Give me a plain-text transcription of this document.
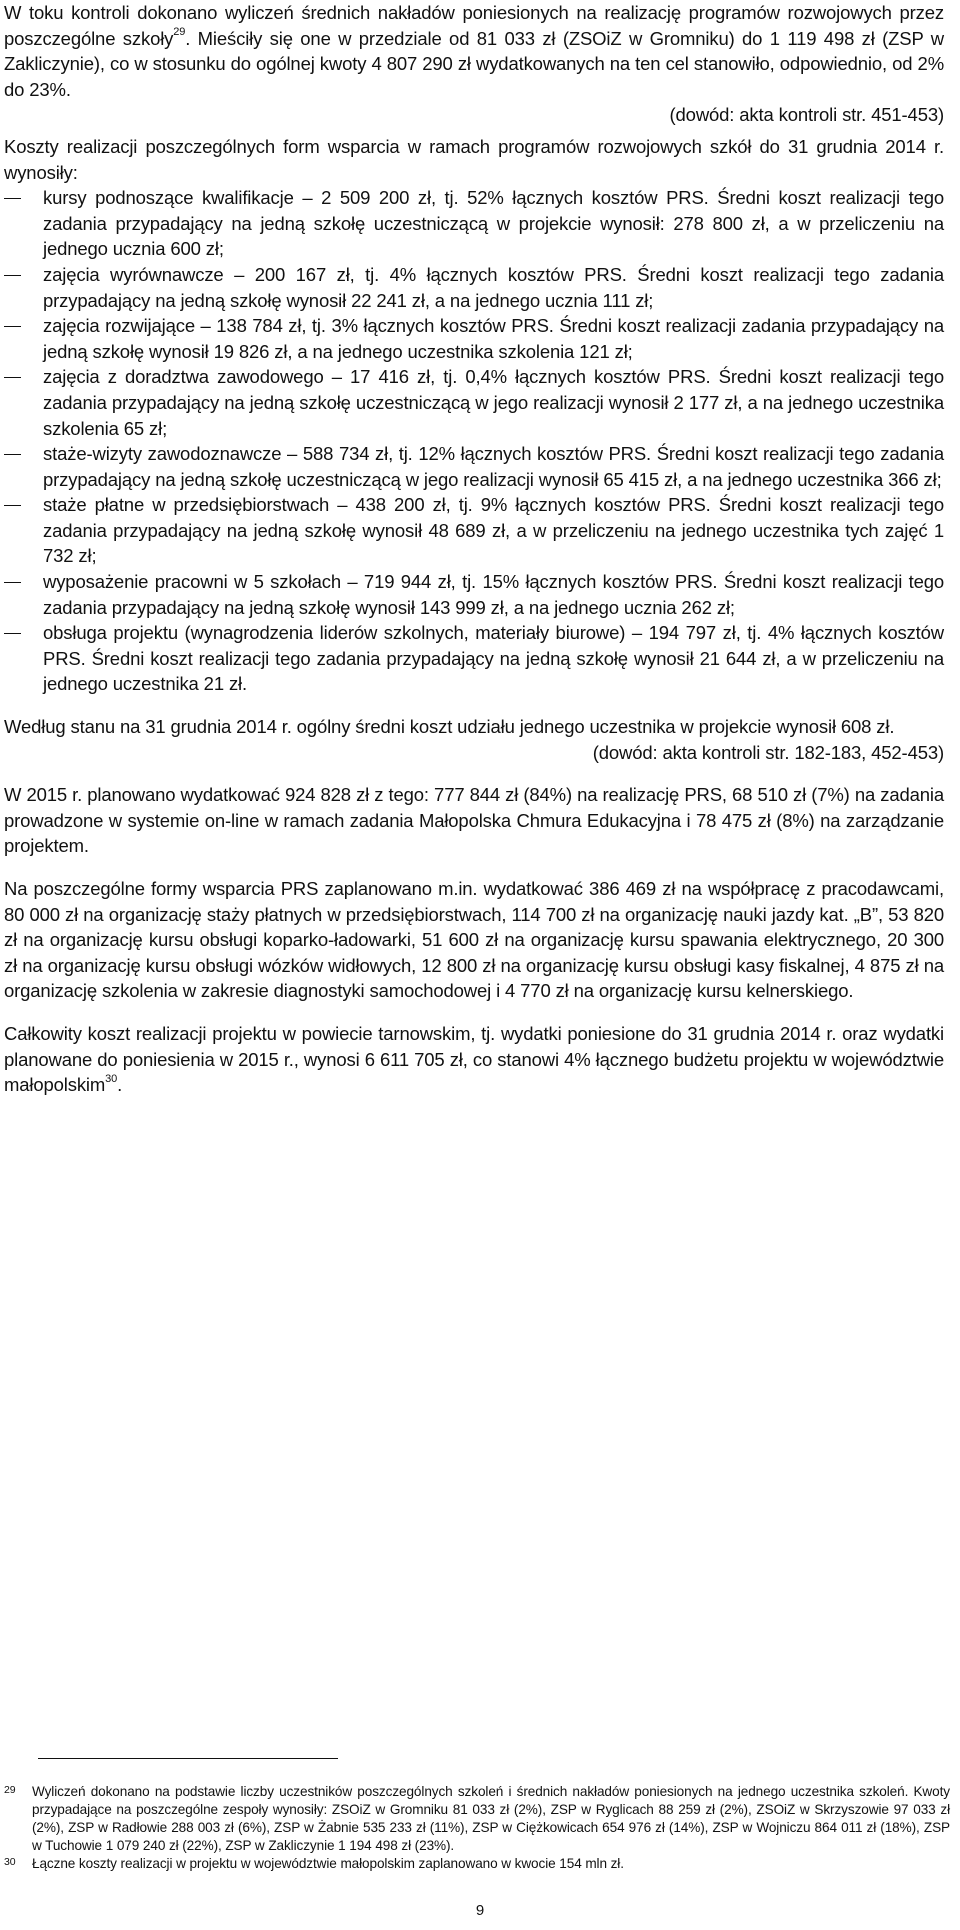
W toku kontroli dokonano wyliczeń średnich nakładów poniesionych na realizację programów rozwojowych przez poszczególne szkoły$^{29}$. Mieściły się one w przedziale od 81 033 zł (ZSOiZ w Gromniku) do 1 119 498 zł (ZSP w Zakliczynie), co w stosunku do ogólnej kwoty 4 807 290 zł wydatkowanych na ten cel stanowiło, odpowiednio, od 2% do 23%.

(dowód: akta kontroli str. 451-453)

Koszty realizacji poszczególnych form wsparcia w ramach programów rozwojowych szkół do 31 grudnia 2014 r. wynosiły:

kursy podnoszące kwalifikacje – 2 509 200 zł, tj. 52% łącznych kosztów PRS. Średni koszt realizacji tego zadania przypadający na jedną szkołę uczestniczącą w projekcie wynosił: 278 800 zł, a w przeliczeniu na jednego ucznia 600 zł;
zajęcia wyrównawcze – 200 167 zł, tj. 4% łącznych kosztów PRS. Średni koszt realizacji tego zadania przypadający na jedną szkołę wynosił 22 241 zł, a na jednego ucznia 111 zł;
zajęcia rozwijające – 138 784 zł, tj. 3% łącznych kosztów PRS. Średni koszt realizacji zadania przypadający na jedną szkołę wynosił 19 826 zł, a na jednego uczestnika szkolenia 121 zł;
zajęcia z doradztwa zawodowego – 17 416 zł, tj. 0,4% łącznych kosztów PRS. Średni koszt realizacji tego zadania przypadający na jedną szkołę uczestniczącą w jego realizacji wynosił 2 177 zł, a na jednego uczestnika szkolenia 65 zł;
staże-wizyty zawodoznawcze – 588 734 zł, tj. 12% łącznych kosztów PRS. Średni koszt realizacji tego zadania przypadający na jedną szkołę uczestniczącą w jego realizacji wynosił 65 415 zł, a na jednego uczestnika 366 zł;
staże płatne w przedsiębiorstwach – 438 200 zł, tj. 9% łącznych kosztów PRS. Średni koszt realizacji tego zadania przypadający na jedną szkołę wynosił 48 689 zł, a w przeliczeniu na jednego uczestnika tych zajęć 1 732 zł;
wyposażenie pracowni w 5 szkołach – 719 944 zł, tj. 15% łącznych kosztów PRS. Średni koszt realizacji tego zadania przypadający na jedną szkołę wynosił 143 999 zł, a na jednego ucznia 262 zł;
obsługa projektu (wynagrodzenia liderów szkolnych, materiały biurowe) – 194 797 zł, tj. 4% łącznych kosztów PRS. Średni koszt realizacji tego zadania przypadający na jedną szkołę wynosił 21 644 zł, a w przeliczeniu na jednego uczestnika 21 zł.

Według stanu na 31 grudnia 2014 r. ogólny średni koszt udziału jednego uczestnika w projekcie wynosił 608 zł.

(dowód: akta kontroli str. 182-183, 452-453)

W 2015 r. planowano wydatkować 924 828 zł z tego: 777 844 zł (84%) na realizację PRS, 68 510 zł (7%) na zadania prowadzone w systemie on-line w ramach zadania Małopolska Chmura Edukacyjna i 78 475 zł (8%) na zarządzanie projektem.

Na poszczególne formy wsparcia PRS zaplanowano m.in. wydatkować 386 469 zł na współpracę z pracodawcami, 80 000 zł na organizację staży płatnych w przedsiębiorstwach, 114 700 zł na organizację nauki jazdy kat. „B”, 53 820 zł na organizację kursu obsługi koparko-ładowarki, 51 600 zł na organizację kursu spawania elektrycznego, 20 300 zł na organizację kursu obsługi wózków widłowych, 12 800 zł na organizację kursu obsługi kasy fiskalnej, 4 875 zł na organizację szkolenia w zakresie diagnostyki samochodowej i 4 770 zł na organizację kursu kelnerskiego.

Całkowity koszt realizacji projektu w powiecie tarnowskim, tj. wydatki poniesione do 31 grudnia 2014 r. oraz wydatki planowane do poniesienia w 2015 r., wynosi 6 611 705 zł, co stanowi 4% łącznego budżetu projektu w województwie małopolskim$^{30}$.

29 Wyliczeń dokonano na podstawie liczby uczestników poszczególnych szkoleń i średnich nakładów poniesionych na jednego uczestnika szkoleń. Kwoty przypadające na poszczególne zespoły wynosiły: ZSOiZ w Gromniku 81 033 zł (2%), ZSP w Ryglicach 88 259 zł (2%), ZSOiZ w Skrzyszowie 97 033 zł (2%), ZSP w Radłowie 288 003 zł (6%), ZSP w Żabnie 535 233 zł (11%), ZSP w Ciężkowicach 654 976 zł (14%), ZSP w Wojniczu 864 011 zł (18%), ZSP w Tuchowie 1 079 240 zł (22%), ZSP w Zakliczynie 1 194 498 zł (23%).
30 Łączne koszty realizacji w projektu w województwie małopolskim zaplanowano w kwocie 154 mln zł.
9
